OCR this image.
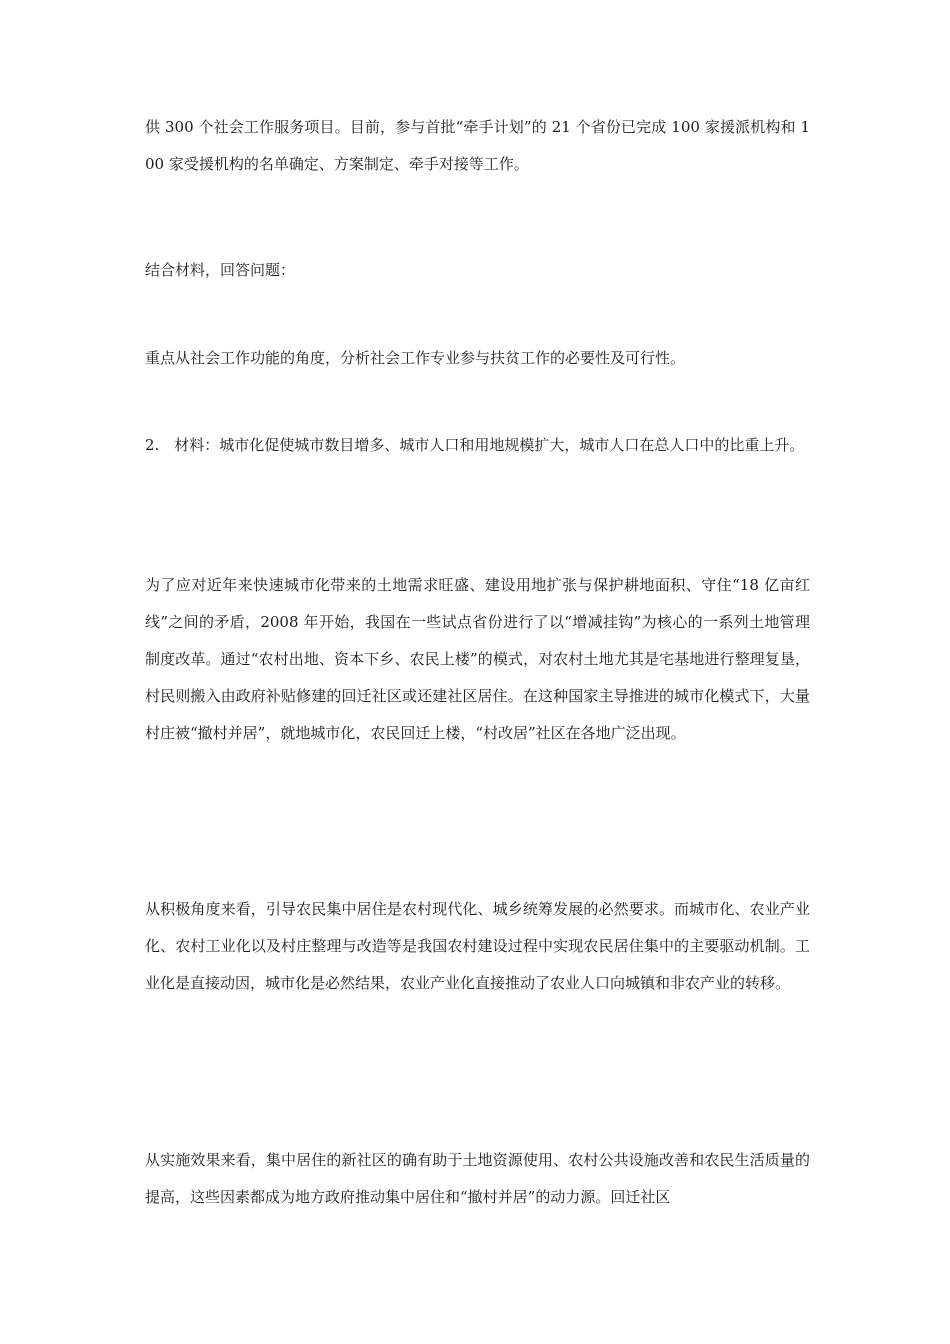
供 300 个社会工作服务项目。目前，参与首批“牵手计划”的 21 个省份已完成 100 家援派机构和 100 家受援机构的名单确定、方案制定、牵手对接等工作。

结合材料，回答问题：

重点从社会工作功能的角度，分析社会工作专业参与扶贫工作的必要性及可行性。

2.　材料：城市化促使城市数目增多、城市人口和用地规模扩大，城市人口在总人口中的比重上升。

为了应对近年来快速城市化带来的土地需求旺盛、建设用地扩张与保护耕地面积、守住“18 亿亩红线”之间的矛盾，2008 年开始，我国在一些试点省份进行了以“增减挂钩”为核心的一系列土地管理制度改革。通过“农村出地、资本下乡、农民上楼”的模式，对农村土地尤其是宅基地进行整理复垦，村民则搬入由政府补贴修建的回迁社区或还建社区居住。在这种国家主导推进的城市化模式下，大量村庄被“撤村并居”，就地城市化，农民回迁上楼，“村改居”社区在各地广泛出现。

从积极角度来看，引导农民集中居住是农村现代化、城乡统筹发展的必然要求。而城市化、农业产业化、农村工业化以及村庄整理与改造等是我国农村建设过程中实现农民居住集中的主要驱动机制。工业化是直接动因，城市化是必然结果，农业产业化直接推动了农业人口向城镇和非农产业的转移。

从实施效果来看，集中居住的新社区的确有助于土地资源使用、农村公共设施改善和农民生活质量的提高，这些因素都成为地方政府推动集中居住和“撤村并居”的动力源。回迁社区
